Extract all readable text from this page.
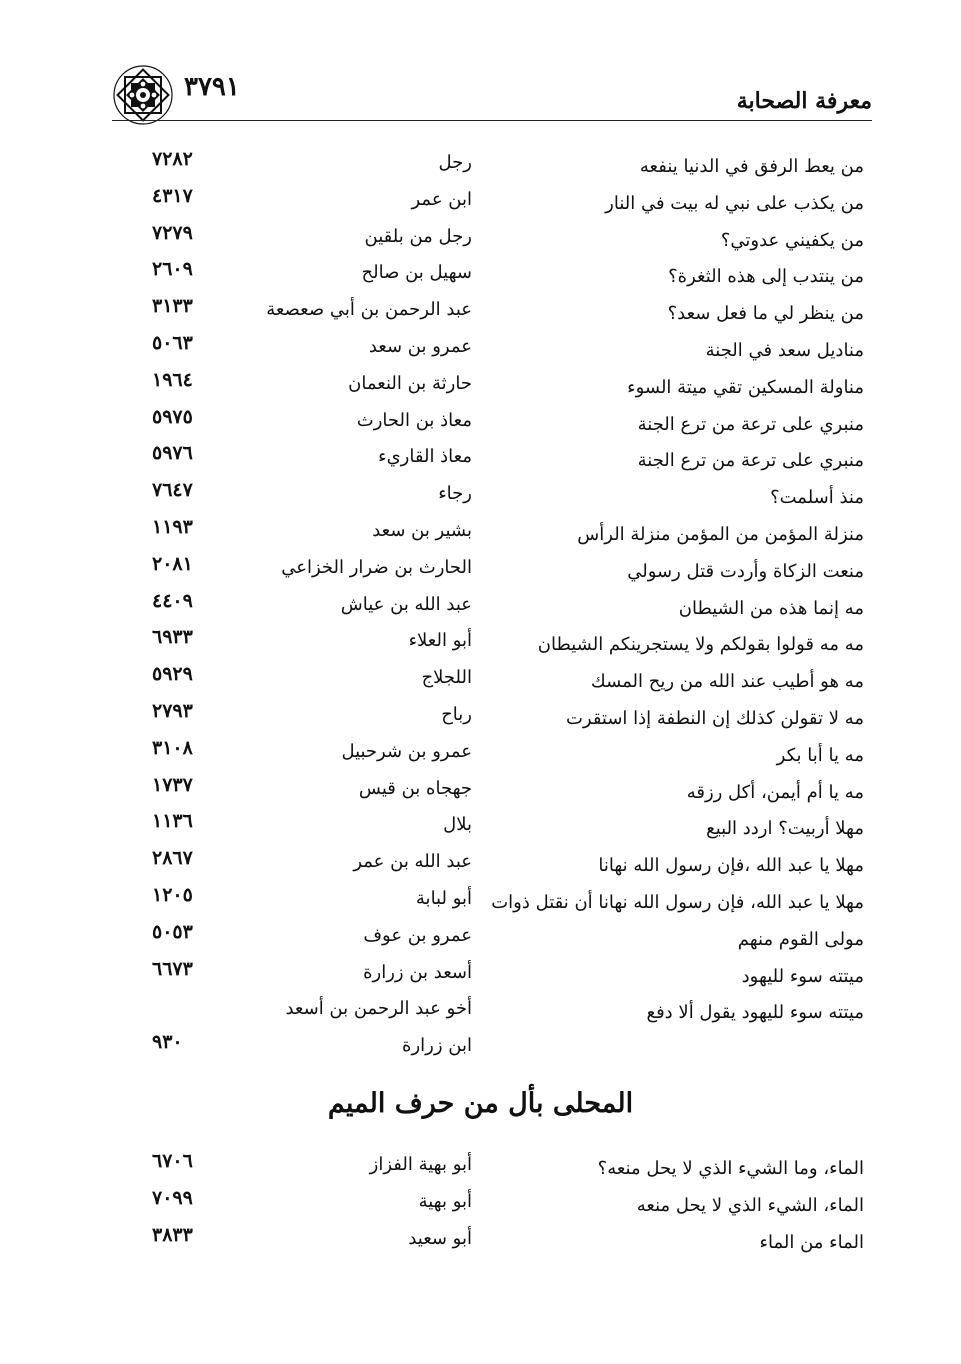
معرفة الصحابة
٣٧٩١
من يعط الرفق في الدنيا ينفعه
رجل
٧٢٨٢
من يكذب على نبي له بيت في النار
ابن عمر
٤٣١٧
من يكفيني عدوتي؟
رجل من بلقين
٧٢٧٩
من ينتدب إلى هذه الثغرة؟
سهيل بن صالح
٢٦٠٩
من ينظر لي ما فعل سعد؟
عبد الرحمن بن أبي صعصعة
٣١٣٣
مناديل سعد في الجنة
عمرو بن سعد
٥٠٦٣
مناولة المسكين تقي ميتة السوء
حارثة بن النعمان
١٩٦٤
منبري على ترعة من ترع الجنة
معاذ بن الحارث
٥٩٧٥
منبري على ترعة من ترع الجنة
معاذ القاريء
٥٩٧٦
منذ أسلمت؟
رجاء
٧٦٤٧
منزلة المؤمن من المؤمن منزلة الرأس
بشير بن سعد
١١٩٣
منعت الزكاة وأردت قتل رسولي
الحارث بن ضرار الخزاعي
٢٠٨١
مه إنما هذه من الشيطان
عبد الله بن عياش
٤٤٠٩
مه مه قولوا بقولكم ولا يستجرينكم الشيطان
أبو العلاء
٦٩٣٣
مه هو أطيب عند الله من ريح المسك
اللجلاج
٥٩٢٩
مه لا تقولن كذلك إن النطفة إذا استقرت
رباح
٢٧٩٣
مه يا أبا بكر
عمرو بن شرحبيل
٣١٠٨
مه يا أم أيمن، أكل رزقه
جهجاه بن قيس
١٧٣٧
مهلا أربيت؟ اردد البيع
بلال
١١٣٦
مهلا يا عبد الله ،فإن رسول الله نهانا
عبد الله بن عمر
٢٨٦٧
مهلا يا عبد الله، فإن رسول الله نهانا أن نقتل ذوات
أبو لبابة
١٢٠٥
مولى القوم منهم
عمرو بن عوف
٥٠٥٣
ميتته سوء لليهود
أسعد بن زرارة
٦٦٧٣
ميتته سوء لليهود يقول ألا دفع
أخو عبد الرحمن بن أسعد
ابن زرارة
٩٣٠
المحلى بأل من حرف الميم
الماء، وما الشيء الذي لا يحل منعه؟
أبو بهية الفزاز
٦٧٠٦
الماء، الشيء الذي لا يحل منعه
أبو بهية
٧٠٩٩
الماء من الماء
أبو سعيد
٣٨٣٣
